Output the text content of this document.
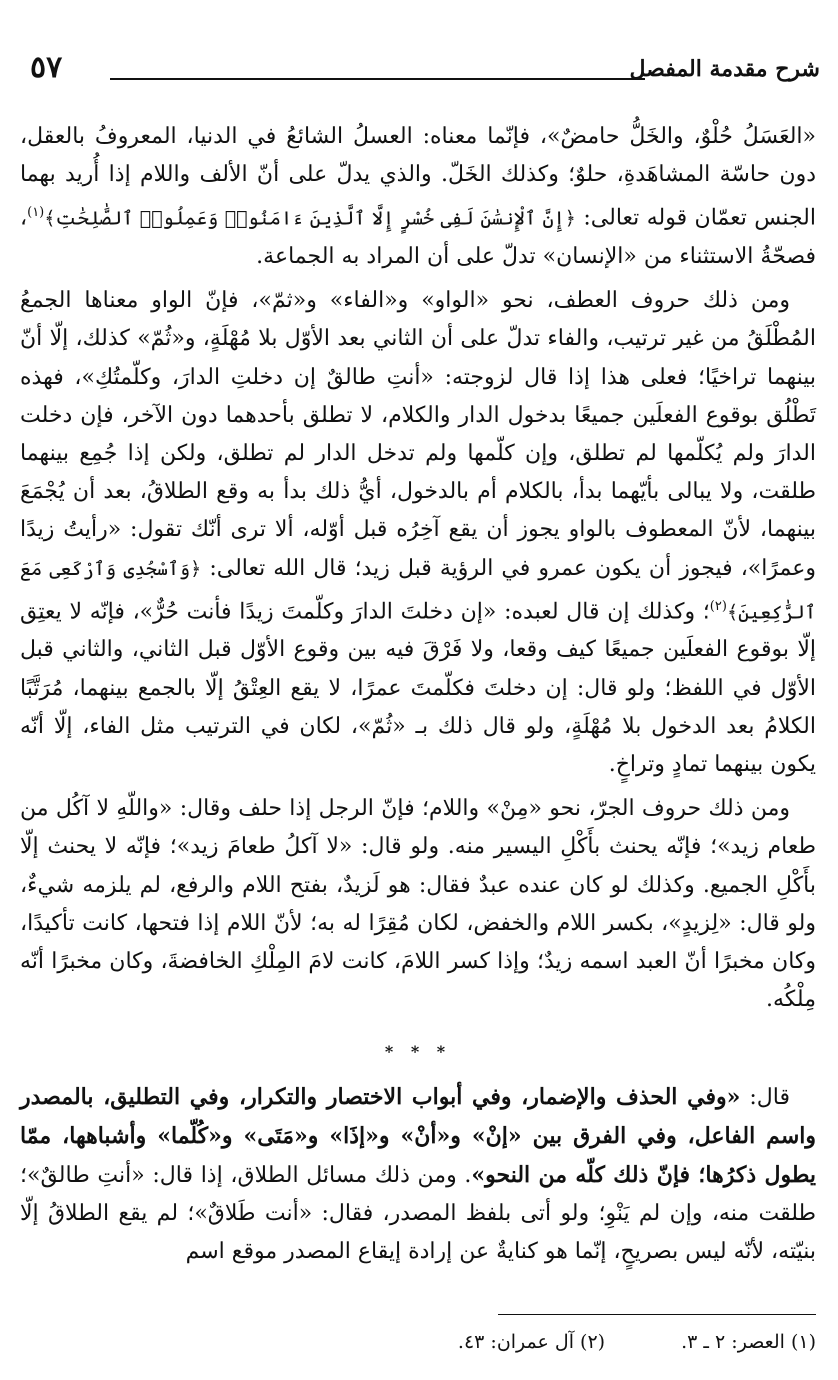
شرح مقدمة المفصل
٥٧

«العَسَلُ حُلْوٌ، والخَلُّ حامضٌ»، فإنّما معناه: العسلُ الشائعُ في الدنيا، المعروفُ بالعقل، دون حاسّة المشاهَدةِ، حلوٌ؛ وكذلك الخَلّ. والذي يدلّ على أنّ الألف واللام إذا أُريد بهما الجنس تعمّان قوله تعالى: ﴿إِنَّ ٱلْإِنسَٰنَ لَفِى خُسْرٍ إِلَّا ٱلَّذِينَ ءَامَنُوا۟ وَعَمِلُوا۟ ٱلصَّٰلِحَٰتِ﴾$^{(١)}$، فصحّةُ الاستثناء من «الإنسان» تدلّ على أن المراد به الجماعة.

ومن ذلك حروف العطف، نحو «الواو» و«الفاء» و«ثمّ»، فإنّ الواو معناها الجمعُ المُطْلَقُ من غير ترتيب، والفاء تدلّ على أن الثاني بعد الأوّل بلا مُهْلَةٍ، و«ثُمّ» كذلك، إلّا أنّ بينهما تراخيًا؛ فعلى هذا إذا قال لزوجته: «أنتِ طالقٌ إن دخلتِ الدارَ، وكلّمتُكِ»، فهذه تَطْلُق بوقوع الفعلَين جميعًا بدخول الدار والكلام، لا تطلق بأحدهما دون الآخر، فإن دخلت الدارَ ولم يُكلّمها لم تطلق، وإن كلّمها ولم تدخل الدار لم تطلق، ولكن إذا جُمِع بينهما طلقت، ولا يبالى بأيّهما بدأ، بالكلام أم بالدخول، أيُّ ذلك بدأ به وقع الطلاقُ، بعد أن يُجْمَعَ بينهما، لأنّ المعطوف بالواو يجوز أن يقع آخِرُه قبل أوّله، ألا ترى أنّك تقول: «رأيتُ زيدًا وعمرًا»، فيجوز أن يكون عمرو في الرؤية قبل زيد؛ قال الله تعالى: ﴿وَٱسْجُدِى وَٱرْكَعِى مَعَ ٱلرَّٰكِعِينَ﴾$^{(٢)}$؛ وكذلك إن قال لعبده: «إن دخلتَ الدارَ وكلّمتَ زيدًا فأنت حُرٌّ»، فإنّه لا يعتِق إلّا بوقوع الفعلَين جميعًا كيف وقعا، ولا فَرْقَ فيه بين وقوع الأوّل قبل الثاني، والثاني قبل الأوّل في اللفظ؛ ولو قال: إن دخلتَ فكلّمتَ عمرًا، لا يقع العِتْقُ إلّا بالجمع بينهما، مُرَتَّبًا الكلامُ بعد الدخول بلا مُهْلَةٍ، ولو قال ذلك بـ «ثُمّ»، لكان في الترتيب مثل الفاء، إلّا أنّه يكون بينهما تمادٍ وتراخٍ.

ومن ذلك حروف الجرّ، نحو «مِنْ» واللام؛ فإنّ الرجل إذا حلف وقال: «واللّهِ لا آكُل من طعام زيد»؛ فإنّه يحنث بأَكْلِ اليسير منه. ولو قال: «لا آكلُ طعامَ زيد»؛ فإنّه لا يحنث إلّا بأَكْلِ الجميع. وكذلك لو كان عنده عبدٌ فقال: هو لَزيدٌ، بفتح اللام والرفع، لم يلزمه شيءٌ، ولو قال: «لِزيدٍ»، بكسر اللام والخفض، لكان مُقِرًا له به؛ لأنّ اللام إذا فتحها، كانت تأكيدًا، وكان مخبرًا أنّ العبد اسمه زيدٌ؛ وإذا كسر اللامَ، كانت لامَ المِلْكِ الخافضةَ، وكان مخبرًا أنّه مِلْكُه.

* * *

قال: «وفي الحذف والإضمار، وفي أبواب الاختصار والتكرار، وفي التطليق، بالمصدر واسم الفاعل، وفي الفرق بين «إنْ» و«أنْ» و«إذَا» و«مَتَى» و«كُلّما» وأشباهها، ممّا يطول ذكرُها؛ فإنّ ذلك كلّه من النحو». ومن ذلك مسائل الطلاق، إذا قال: «أنتِ طالقٌ»؛ طلقت منه، وإن لم يَنْوِ؛ ولو أتى بلفظ المصدر، فقال: «أنت طَلاقٌ»؛ لم يقع الطلاقُ إلّا بنيّته، لأنّه ليس بصريحٍ، إنّما هو كنايةٌ عن إرادة إيقاع المصدر موقع اسم

(١) العصر: ٢ ـ ٣. (٢) آل عمران: ٤٣.
